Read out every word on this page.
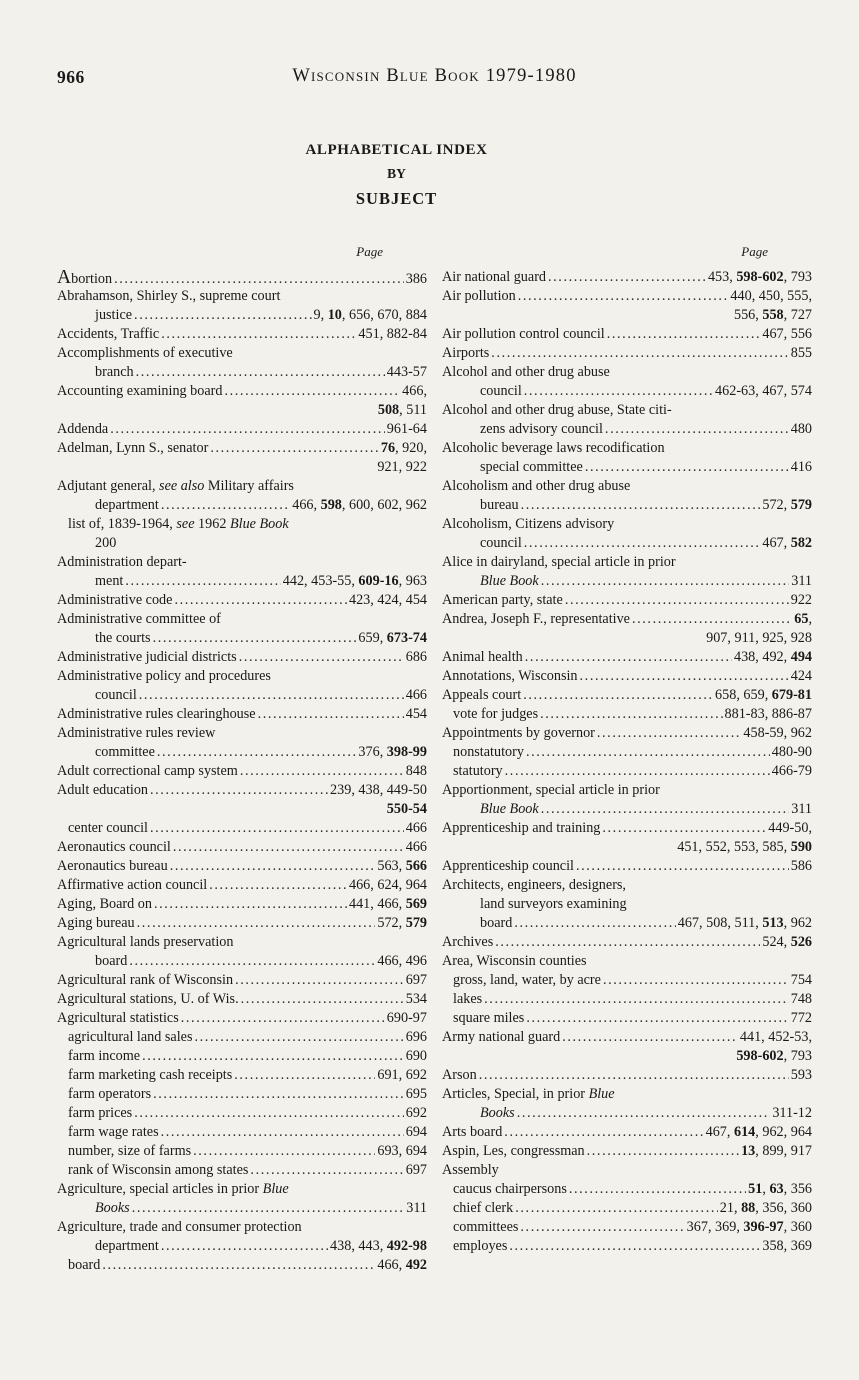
966	Wisconsin Blue Book 1979-1980
ALPHABETICAL INDEX
BY
SUBJECT
Page
Abortion .....	386
Abrahamson, Shirley S., supreme court
justice .....	9, 10, 656, 670, 884
Accidents, Traffic .....	451, 882-84
Accomplishments of executive
branch .....	443-57
Accounting examining board .....	466,
508, 511
Addenda .....	961-64
Adelman, Lynn S., senator .....	76, 920,
921, 922
Adjutant general, see also Military affairs
department .....	466, 598, 600, 602, 962
list of, 1839-1964, see 1962 Blue Book
200
Administration depart-
ment .....	442, 453-55, 609-16, 963
Administrative code .....	423, 424, 454
Administrative committee of
the courts .....	659, 673-74
Administrative judicial districts .....	686
Administrative policy and procedures
council .....	466
Administrative rules clearinghouse .....	454
Administrative rules review
committee .....	376, 398-99
Adult correctional camp system .....	848
Adult education .....	239, 438, 449-50
550-54
center council .....	466
Aeronautics council .....	466
Aeronautics bureau .....	563, 566
Affirmative action council .....	466, 624, 964
Aging, Board on .....	441, 466, 569
Aging bureau .....	572, 579
Agricultural lands preservation
board .....	466, 496
Agricultural rank of Wisconsin .....	697
Agricultural stations, U. of Wis. .....	534
Agricultural statistics .....	690-97
agricultural land sales .....	696
farm income .....	690
farm marketing cash receipts .....	691, 692
farm operators .....	695
farm prices .....	692
farm wage rates .....	694
number, size of farms .....	693, 694
rank of Wisconsin among states .....	697
Agriculture, special articles in prior Blue
Books .....	311
Agriculture, trade and consumer protection
department .....	438, 443, 492-98
board .....	466, 492
Page
Air national guard .....	453, 598-602, 793
Air pollution .....	440, 450, 555,
556, 558, 727
Air pollution control council .....	467, 556
Airports .....	855
Alcohol and other drug abuse
council .....	462-63, 467, 574
Alcohol and other drug abuse, State citi-
zens advisory council .....	480
Alcoholic beverage laws recodification
special committee .....	416
Alcoholism and other drug abuse
bureau .....	572, 579
Alcoholism, Citizens advisory
council .....	467, 582
Alice in dairyland, special article in prior
Blue Book .....	311
American party, state .....	922
Andrea, Joseph F., representative .....	65,
907, 911, 925, 928
Animal health .....	438, 492, 494
Annotations, Wisconsin .....	424
Appeals court .....	658, 659, 679-81
vote for judges .....	881-83, 886-87
Appointments by governor .....	458-59, 962
nonstatutory .....	480-90
statutory .....	466-79
Apportionment, special article in prior
Blue Book .....	311
Apprenticeship and training .....	449-50,
451, 552, 553, 585, 590
Apprenticeship council .....	586
Architects, engineers, designers,
land surveyors examining
board .....	467, 508, 511, 513, 962
Archives .....	524, 526
Area, Wisconsin counties
gross, land, water, by acre .....	754
lakes .....	748
square miles .....	772
Army national guard .....	441, 452-53,
598-602, 793
Arson .....	593
Articles, Special, in prior Blue
Books .....	311-12
Arts board .....	467, 614, 962, 964
Aspin, Les, congressman .....	13, 899, 917
Assembly
caucus chairpersons .....	51, 63, 356
chief clerk .....	21, 88, 356, 360
committees .....	367, 369, 396-97, 360
employes .....	358, 369
